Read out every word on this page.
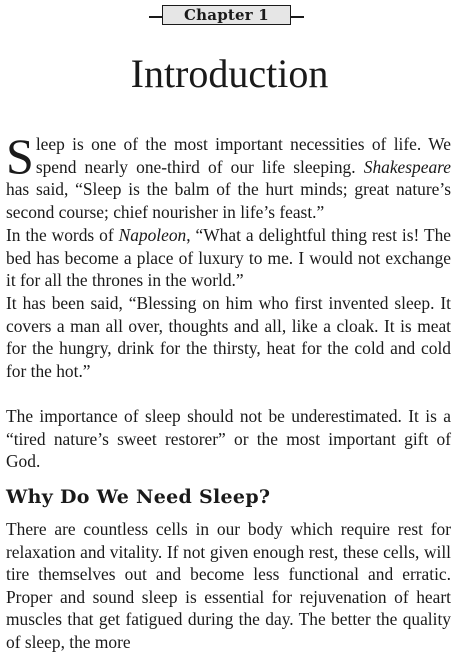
Chapter 1
Introduction

Sleep is one of the most important necessities of life. We spend nearly one-third of our life sleeping. Shakespeare has said, “Sleep is the balm of the hurt minds; great nature’s second course; chief nourisher in life’s feast.”

In the words of Napoleon, “What a delightful thing rest is! The bed has become a place of luxury to me. I would not exchange it for all the thrones in the world.”

It has been said, “Blessing on him who first invented sleep. It covers a man all over, thoughts and all, like a cloak. It is meat for the hungry, drink for the thirsty, heat for the cold and cold for the hot.”

The importance of sleep should not be underestimated. It is a “tired nature’s sweet restorer” or the most important gift of God.

Why Do We Need Sleep?

There are countless cells in our body which require rest for relaxation and vitality. If not given enough rest, these cells, will tire themselves out and become less functional and erratic. Proper and sound sleep is essential for rejuvenation of heart muscles that get fatigued during the day. The better the quality of sleep, the more
